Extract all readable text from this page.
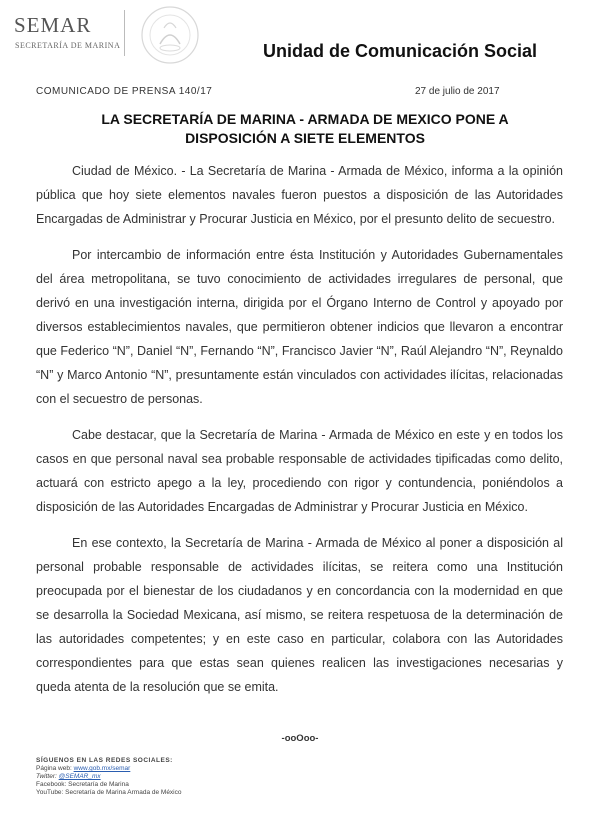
SEMAR
SECRETARÍA DE MARINA	Unidad de Comunicación Social
COMUNICADO DE PRENSA 140/17	27 de julio de 2017
LA SECRETARÍA DE MARINA - ARMADA DE MEXICO PONE A DISPOSICIÓN A SIETE ELEMENTOS

Ciudad de México. - La Secretaría de Marina - Armada de México, informa a la opinión pública que hoy siete elementos navales fueron puestos a disposición de las Autoridades Encargadas de Administrar y Procurar Justicia en México, por el presunto delito de secuestro.

Por intercambio de información entre ésta Institución y Autoridades Gubernamentales del área metropolitana, se tuvo conocimiento de actividades irregulares de personal, que derivó en una investigación interna, dirigida por el Órgano Interno de Control y apoyado por diversos establecimientos navales, que permitieron obtener indicios que llevaron a encontrar que Federico “N”, Daniel “N”, Fernando “N”, Francisco Javier “N”, Raúl Alejandro “N”, Reynaldo “N” y Marco Antonio “N”, presuntamente están vinculados con actividades ilícitas, relacionadas con el secuestro de personas.

Cabe destacar, que la Secretaría de Marina - Armada de México en este y en todos los casos en que personal naval sea probable responsable de actividades tipificadas como delito, actuará con estricto apego a la ley, procediendo con rigor y contundencia, poniéndolos a disposición de las Autoridades Encargadas de Administrar y Procurar Justicia en México.

En ese contexto, la Secretaría de Marina - Armada de México al poner a disposición al personal probable responsable de actividades ilícitas, se reitera como una Institución preocupada por el bienestar de los ciudadanos y en concordancia con la modernidad en que se desarrolla la Sociedad Mexicana, así mismo, se reitera respetuosa de la determinación de las autoridades competentes; y en este caso en particular, colabora con las Autoridades correspondientes para que estas sean quienes realicen las investigaciones necesarias y queda atenta de la resolución que se emita.

-ooOoo-
SÍGUENOS EN LAS REDES SOCIALES:
Página web: www.gob.mx/semar
Twitter: @SEMAR_mx
Facebook: Secretaría de Marina
YouTube: Secretaría de Marina Armada de México
